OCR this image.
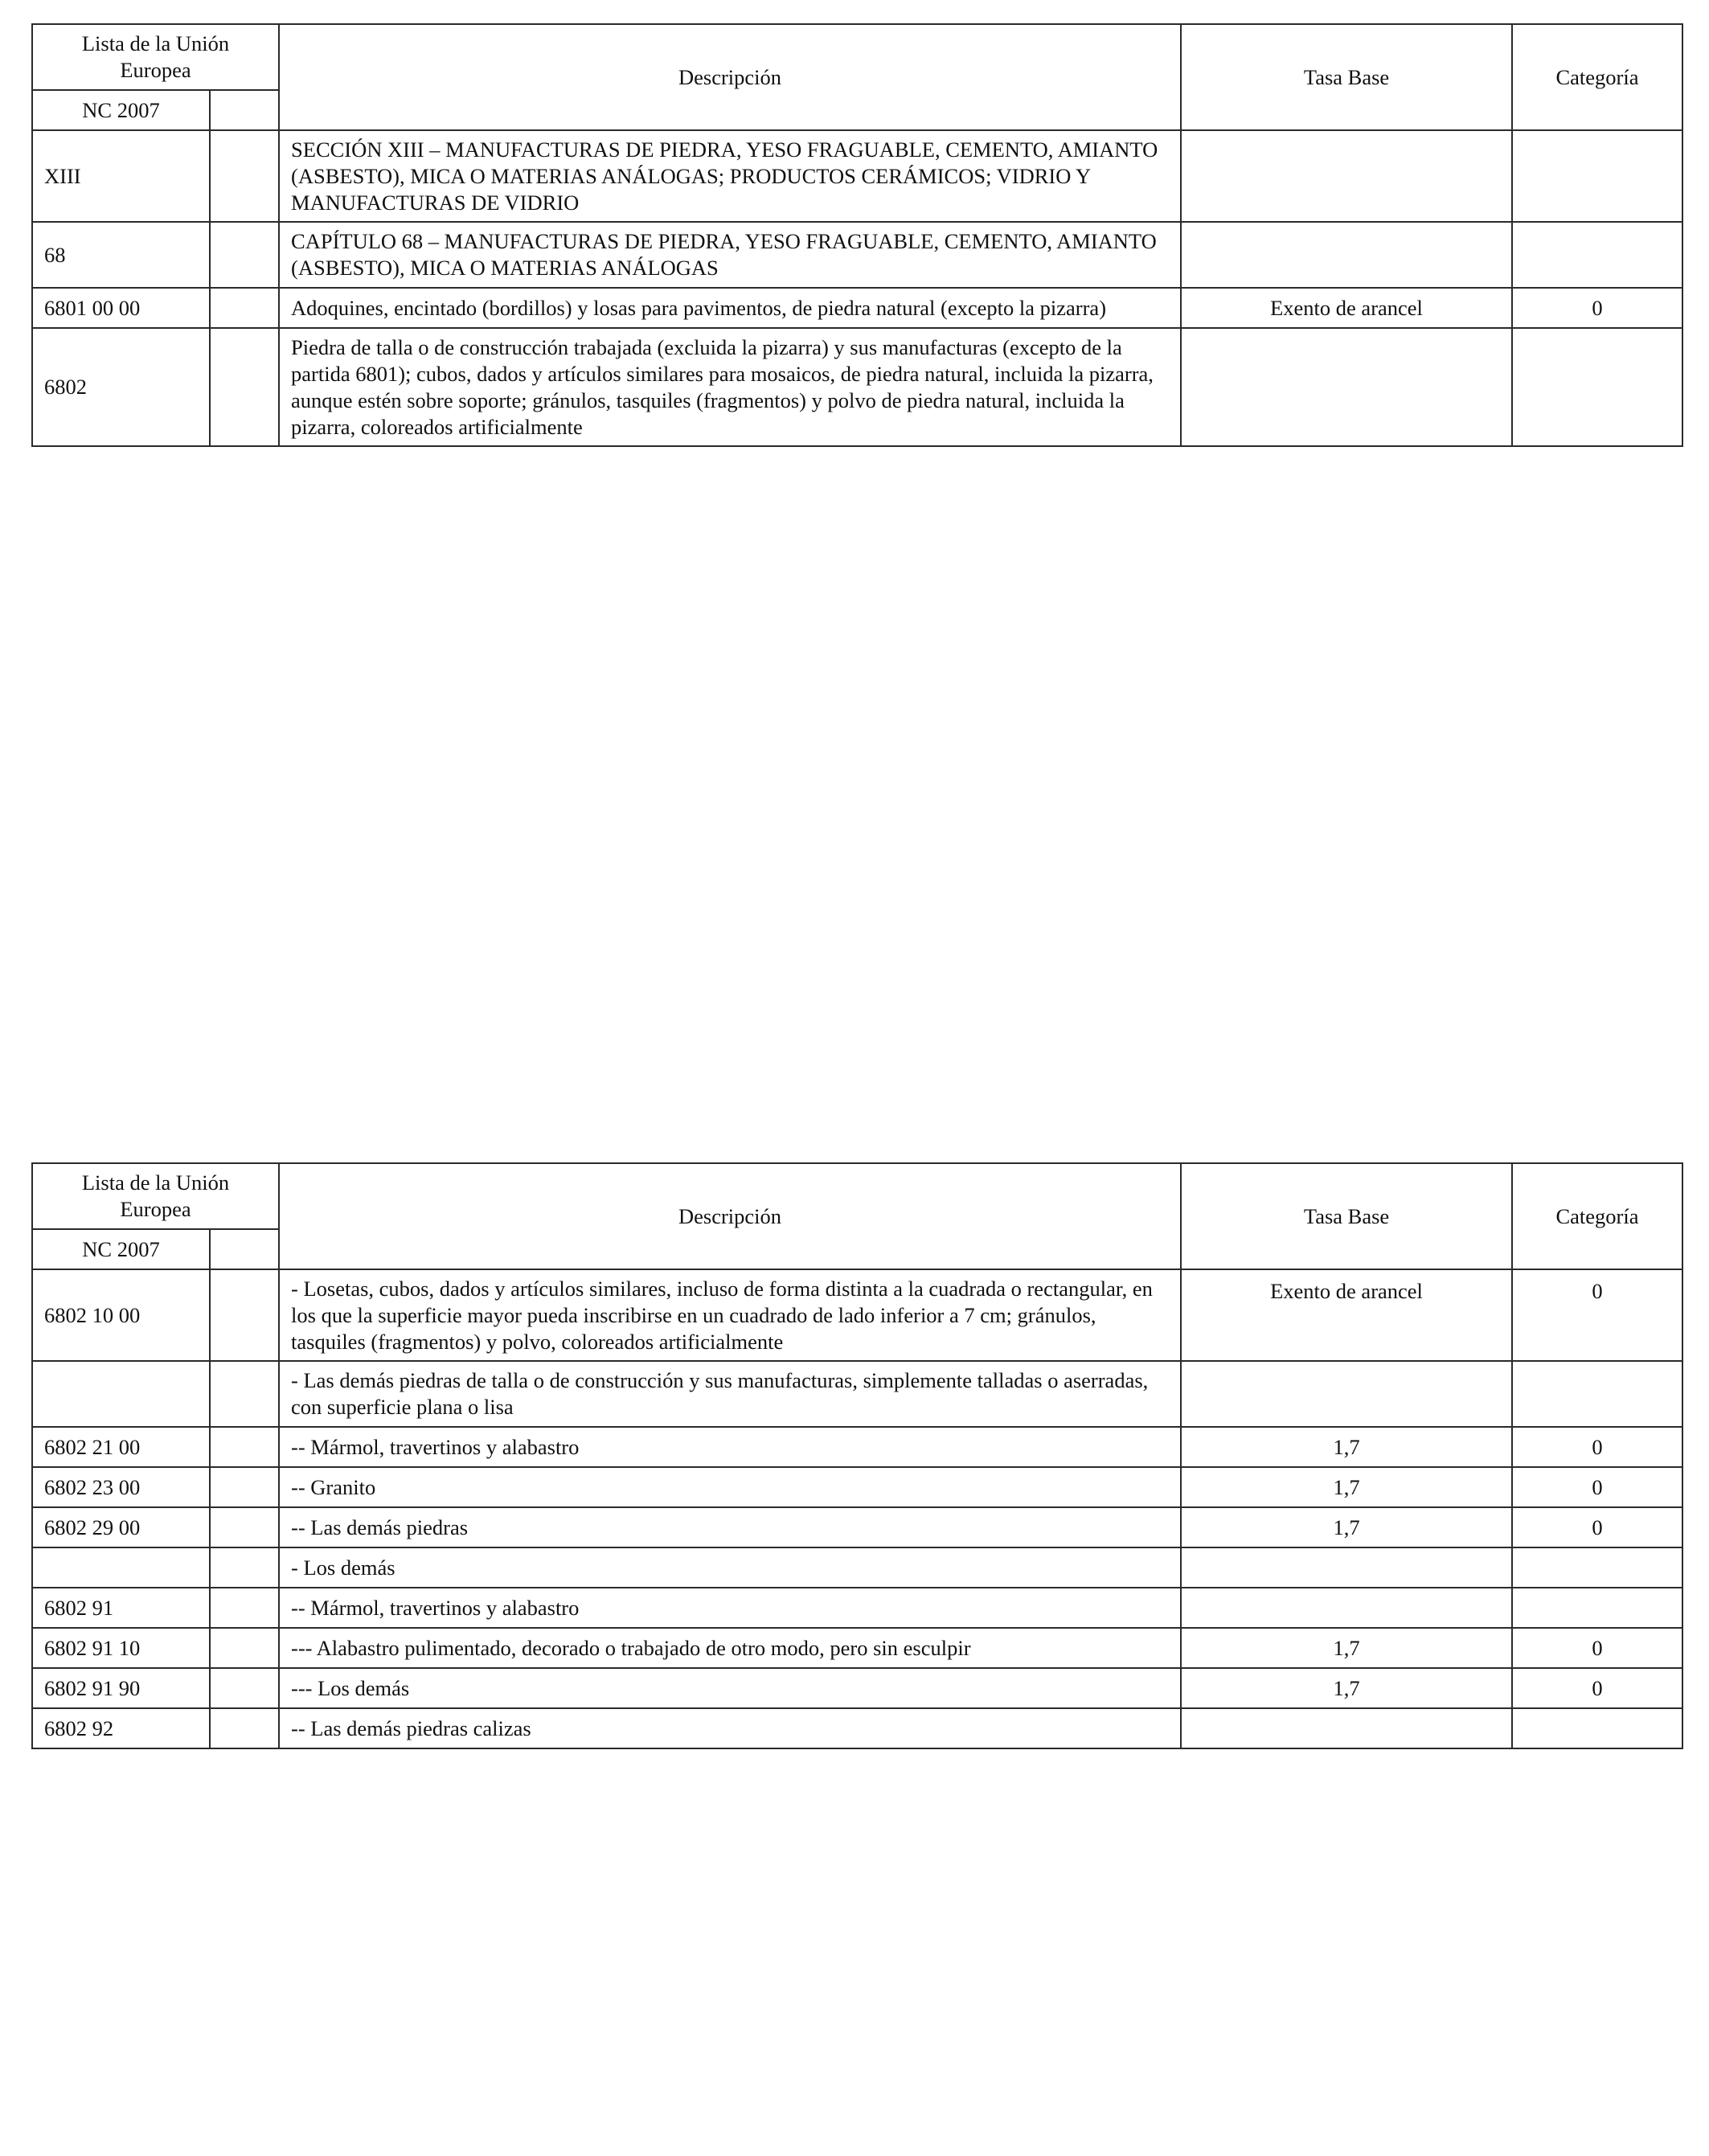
Lista de la Unión Europea		Descripción	Tasa Base	Categoría
NC 2007				
XIII		SECCIÓN XIII – MANUFACTURAS DE PIEDRA, YESO FRAGUABLE, CEMENTO, AMIANTO (ASBESTO), MICA O MATERIAS ANÁLOGAS; PRODUCTOS CERÁMICOS; VIDRIO Y MANUFACTURAS DE VIDRIO		
68		CAPÍTULO 68 – MANUFACTURAS DE PIEDRA, YESO FRAGUABLE, CEMENTO, AMIANTO (ASBESTO), MICA O MATERIAS ANÁLOGAS		
6801 00 00		Adoquines, encintado (bordillos) y losas para pavimentos, de piedra natural (excepto la pizarra)	Exento de arancel	0
6802		Piedra de talla o de construcción trabajada (excluida la pizarra) y sus manufacturas (excepto de la partida 6801); cubos, dados y artículos similares para mosaicos, de piedra natural, incluida la pizarra, aunque estén sobre soporte; gránulos, tasquiles (fragmentos) y polvo de piedra natural, incluida la pizarra, coloreados artificialmente		
Lista de la Unión Europea		Descripción	Tasa Base	Categoría
NC 2007				
6802 10 00		- Losetas, cubos, dados y artículos similares, incluso de forma distinta a la cuadrada o rectangular, en los que la superficie mayor pueda inscribirse en un cuadrado de lado inferior a 7 cm; gránulos, tasquiles (fragmentos) y polvo, coloreados artificialmente	Exento de arancel	0
		- Las demás piedras de talla o de construcción y sus manufacturas, simplemente talladas o aserradas, con superficie plana o lisa		
6802 21 00		-- Mármol, travertinos y alabastro	1,7	0
6802 23 00		-- Granito	1,7	0
6802 29 00		-- Las demás piedras	1,7	0
		- Los demás		
6802 91		-- Mármol, travertinos y alabastro		
6802 91 10		--- Alabastro pulimentado, decorado o trabajado de otro modo, pero sin esculpir	1,7	0
6802 91 90		--- Los demás	1,7	0
6802 92		-- Las demás piedras calizas		
